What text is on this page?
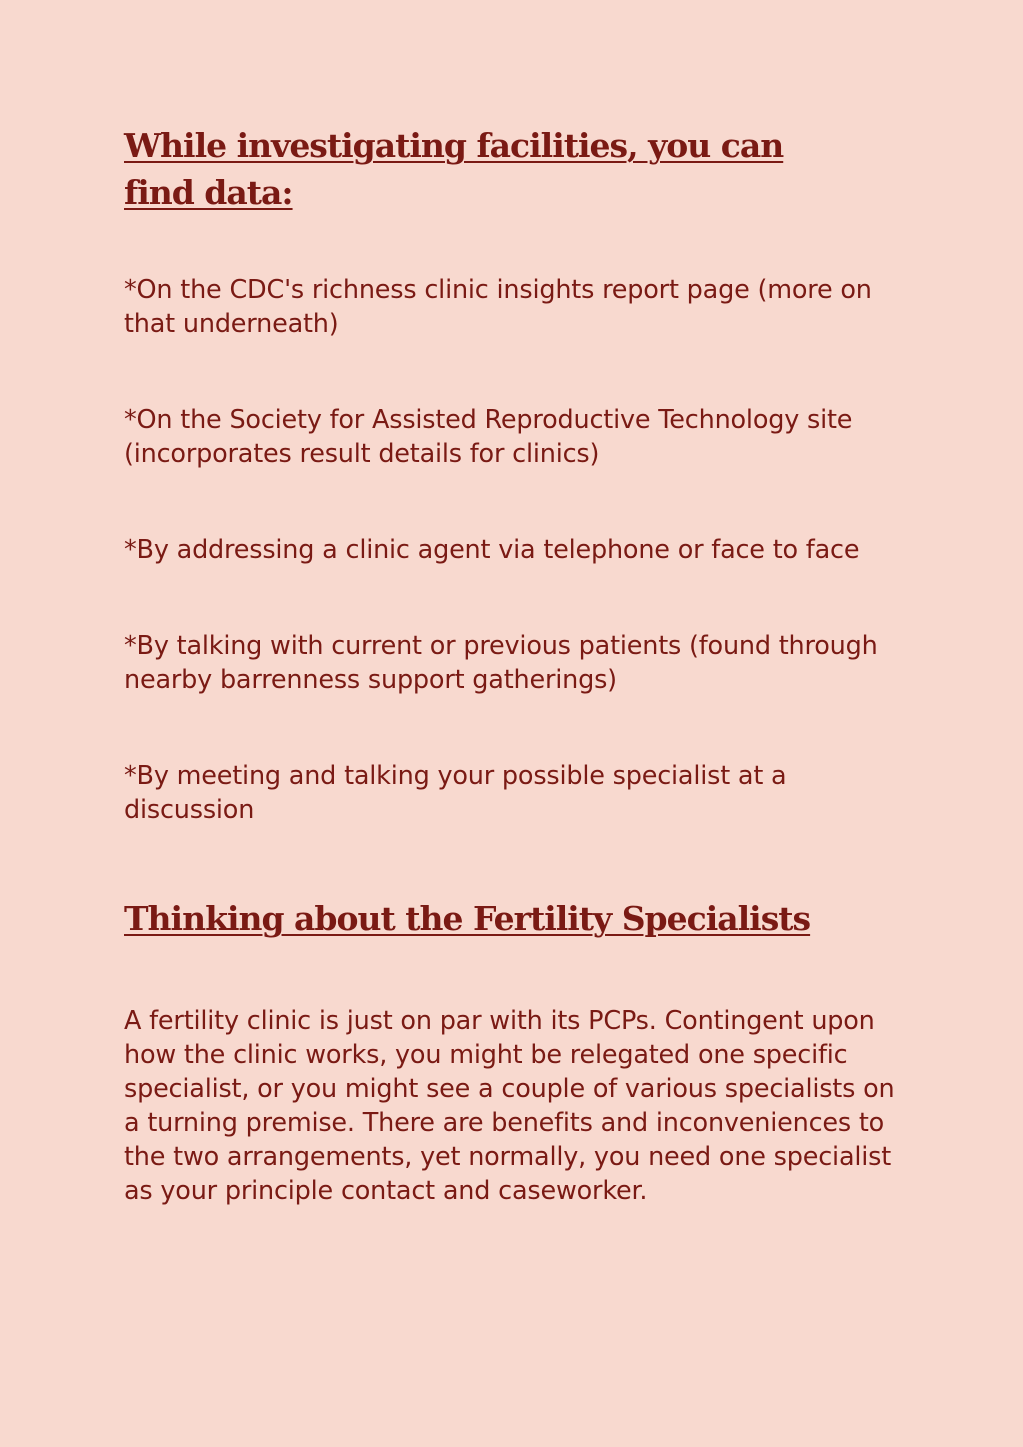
While investigating facilities, you can find data:

*On the CDC's richness clinic insights report page (more on that underneath)

*On the Society for Assisted Reproductive Technology site (incorporates result details for clinics)

*By addressing a clinic agent via telephone or face to face

*By talking with current or previous patients (found through nearby barrenness support gatherings)

*By meeting and talking your possible specialist at a discussion

Thinking about the Fertility Specialists

A fertility clinic is just on par with its PCPs. Contingent upon how the clinic works, you might be relegated one specific specialist, or you might see a couple of various specialists on a turning premise. There are benefits and inconveniences to the two arrangements, yet normally, you need one specialist as your principle contact and caseworker.
